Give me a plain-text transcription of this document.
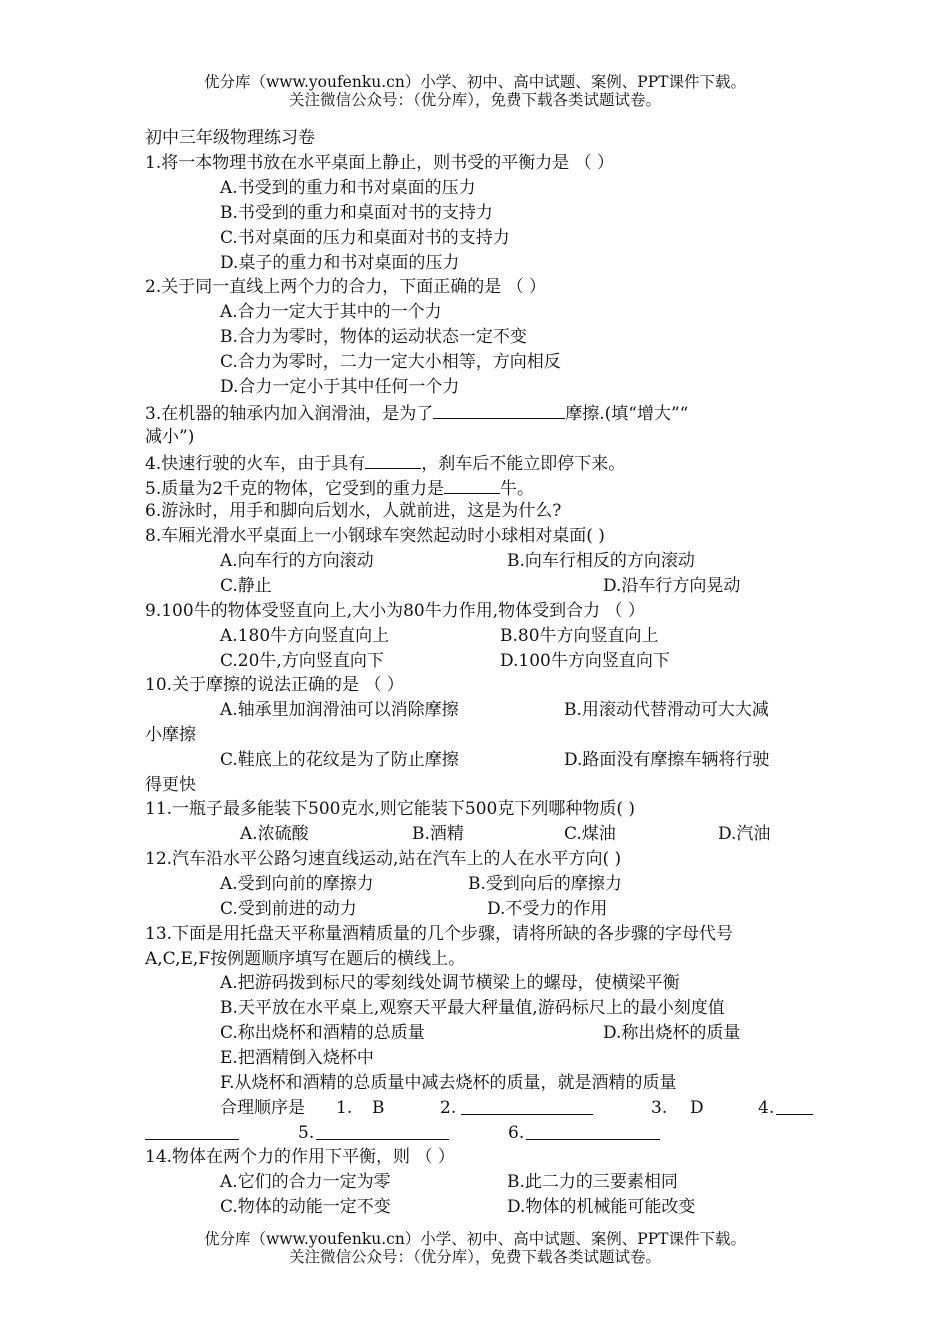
优分库（www.youfenku.cn）小学、初中、高中试题、案例、PPT课件下载。
关注微信公众号：（优分库），免费下载各类试题试卷。
初中三年级物理练习卷
1.将一本物理书放在水平桌面上静止，则书受的平衡力是 （ ）
A.书受到的重力和书对桌面的压力
B.书受到的重力和桌面对书的支持力
C.书对桌面的压力和桌面对书的支持力
D.桌子的重力和书对桌面的压力
2.关于同一直线上两个力的合力，下面正确的是 （ ）
A.合力一定大于其中的一个力
B.合力为零时，物体的运动状态一定不变
C.合力为零时，二力一定大小相等，方向相反
D.合力一定小于其中任何一个力
3.在机器的轴承内加入润滑油，是为了	摩擦.(填“增大”“
减小”)
4.快速行驶的火车，由于具有	，刹车后不能立即停下来。
5.质量为2千克的物体，它受到的重力是	牛。
6.游泳时，用手和脚向后划水，人就前进，这是为什么?
8.车厢光滑水平桌面上一小钢球车突然起动时小球相对桌面( )
A.向车行的方向滚动	B.向车行相反的方向滚动
C.静止	D.沿车行方向晃动
9.100牛的物体受竖直向上,大小为80牛力作用,物体受到合力 （ ）
A.180牛方向竖直向上	B.80牛方向竖直向上
C.20牛,方向竖直向下	D.100牛方向竖直向下
10.关于摩擦的说法正确的是 （ ）
A.轴承里加润滑油可以消除摩擦	B.用滚动代替滑动可大大减
小摩擦
C.鞋底上的花纹是为了防止摩擦	D.路面没有摩擦车辆将行驶
得更快
11.一瓶子最多能装下500克水,则它能装下500克下列哪种物质( )
A.浓硫酸	B.酒精	C.煤油	D.汽油
12.汽车沿水平公路匀速直线运动,站在汽车上的人在水平方向( )
A.受到向前的摩擦力	B.受到向后的摩擦力
C.受到前进的动力	D.不受力的作用
13.下面是用托盘天平称量酒精质量的几个步骤，请将所缺的各步骤的字母代号
A,C,E,F按例题顺序填写在题后的横线上。
A.把游码拨到标尺的零刻线处调节横梁上的螺母，使横梁平衡
B.天平放在水平桌上,观察天平最大秤量值,游码标尺上的最小刻度值
C.称出烧杯和酒精的总质量	D.称出烧杯的质量
E.把酒精倒入烧杯中
F.从烧杯和酒精的总质量中减去烧杯的质量，就是酒精的质量
合理顺序是 1. B	2.	3. D	4.
5.	6.
14.物体在两个力的作用下平衡，则 （ ）
A.它们的合力一定为零	B.此二力的三要素相同
C.物体的动能一定不变	D.物体的机械能可能改变
优分库（www.youfenku.cn）小学、初中、高中试题、案例、PPT课件下载。
关注微信公众号：（优分库），免费下载各类试题试卷。
